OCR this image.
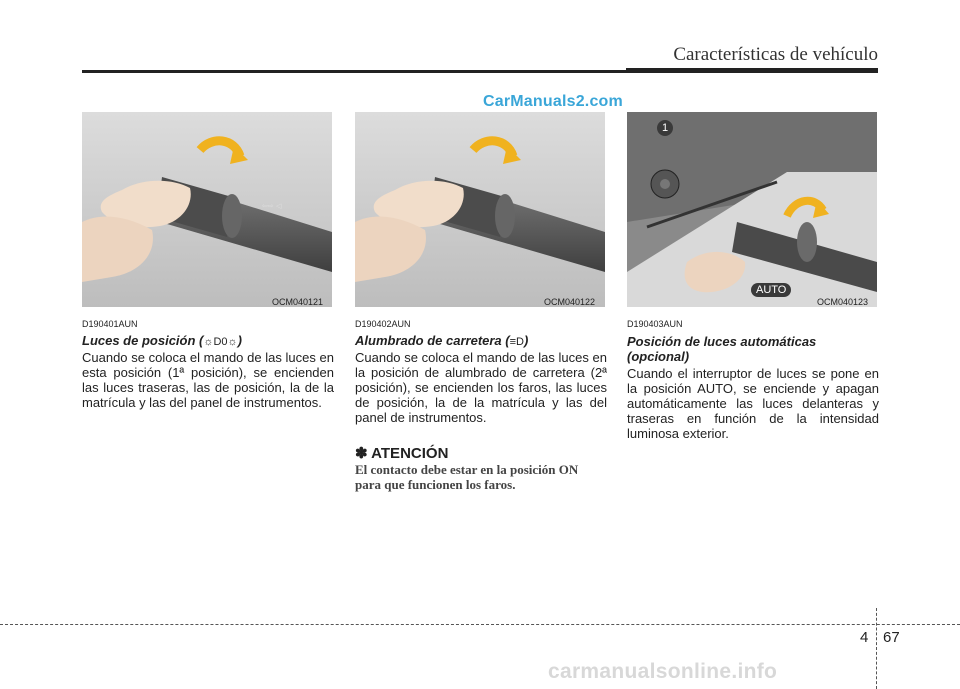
Características de vehículo
CarManuals2.com
⇦⇨ ◁
OCM040121	OCM040122
1
AUTO
OCM040123
D190401AUN
Luces de posición (☼D0☼)
Cuando se coloca el mando de las luces en esta posición (1ª posición), se encienden las luces traseras, las de posición, la de la matrícula y las del panel de instrumentos.
D190402AUN
Alumbrado de carretera (≡D)
Cuando se coloca el mando de las luces en la posición de alumbrado de carretera (2ª posición), se encienden los faros, las luces de posición, la de la matrícula y las del panel de instrumentos.
✽ ATENCIÓN
El contacto debe estar en la posición ON para que funcionen los faros.
D190403AUN
Posición de luces automáticas (opcional)
Cuando el interruptor de luces se pone en la posición AUTO, se enciende y apagan automáticamente las luces delanteras y traseras en función de la intensidad luminosa exterior.
4 67
carmanualsonline.info
